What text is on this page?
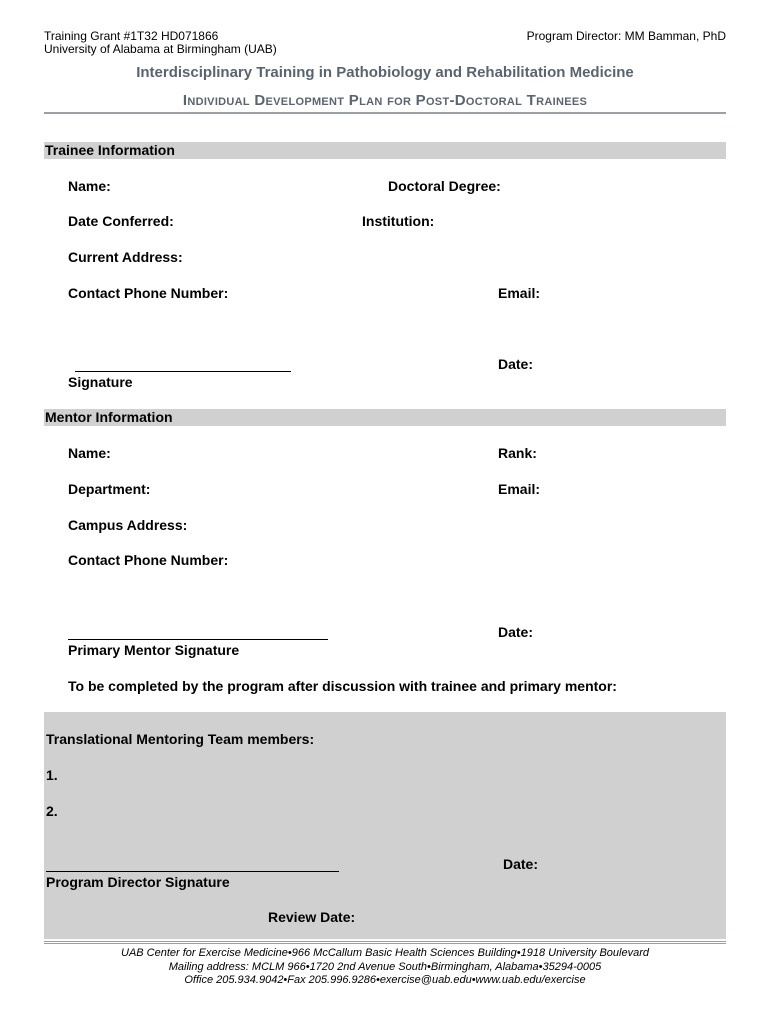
Training Grant #1T32 HD071866
University of Alabama at Birmingham (UAB)
Program Director: MM Bamman, PhD
Interdisciplinary Training in Pathobiology and Rehabilitation Medicine
Individual Development Plan for Post-Doctoral Trainees
Trainee Information
Name:	Doctoral Degree:
Date Conferred:	Institution:
Current Address:
Contact Phone Number:	Email:
Date:
Signature
Mentor Information
Name:	Rank:
Department:	Email:
Campus Address:
Contact Phone Number:
Date:
Primary Mentor Signature
To be completed by the program after discussion with trainee and primary mentor:
Translational Mentoring Team members:
1.
2.
Date:
Program Director Signature
Review Date:
UAB Center for Exercise Medicine•966 McCallum Basic Health Sciences Building•1918 University Boulevard
Mailing address: MCLM 966•1720 2nd Avenue South•Birmingham, Alabama•35294-0005
Office 205.934.9042•Fax 205.996.9286•exercise@uab.edu•www.uab.edu/exercise
